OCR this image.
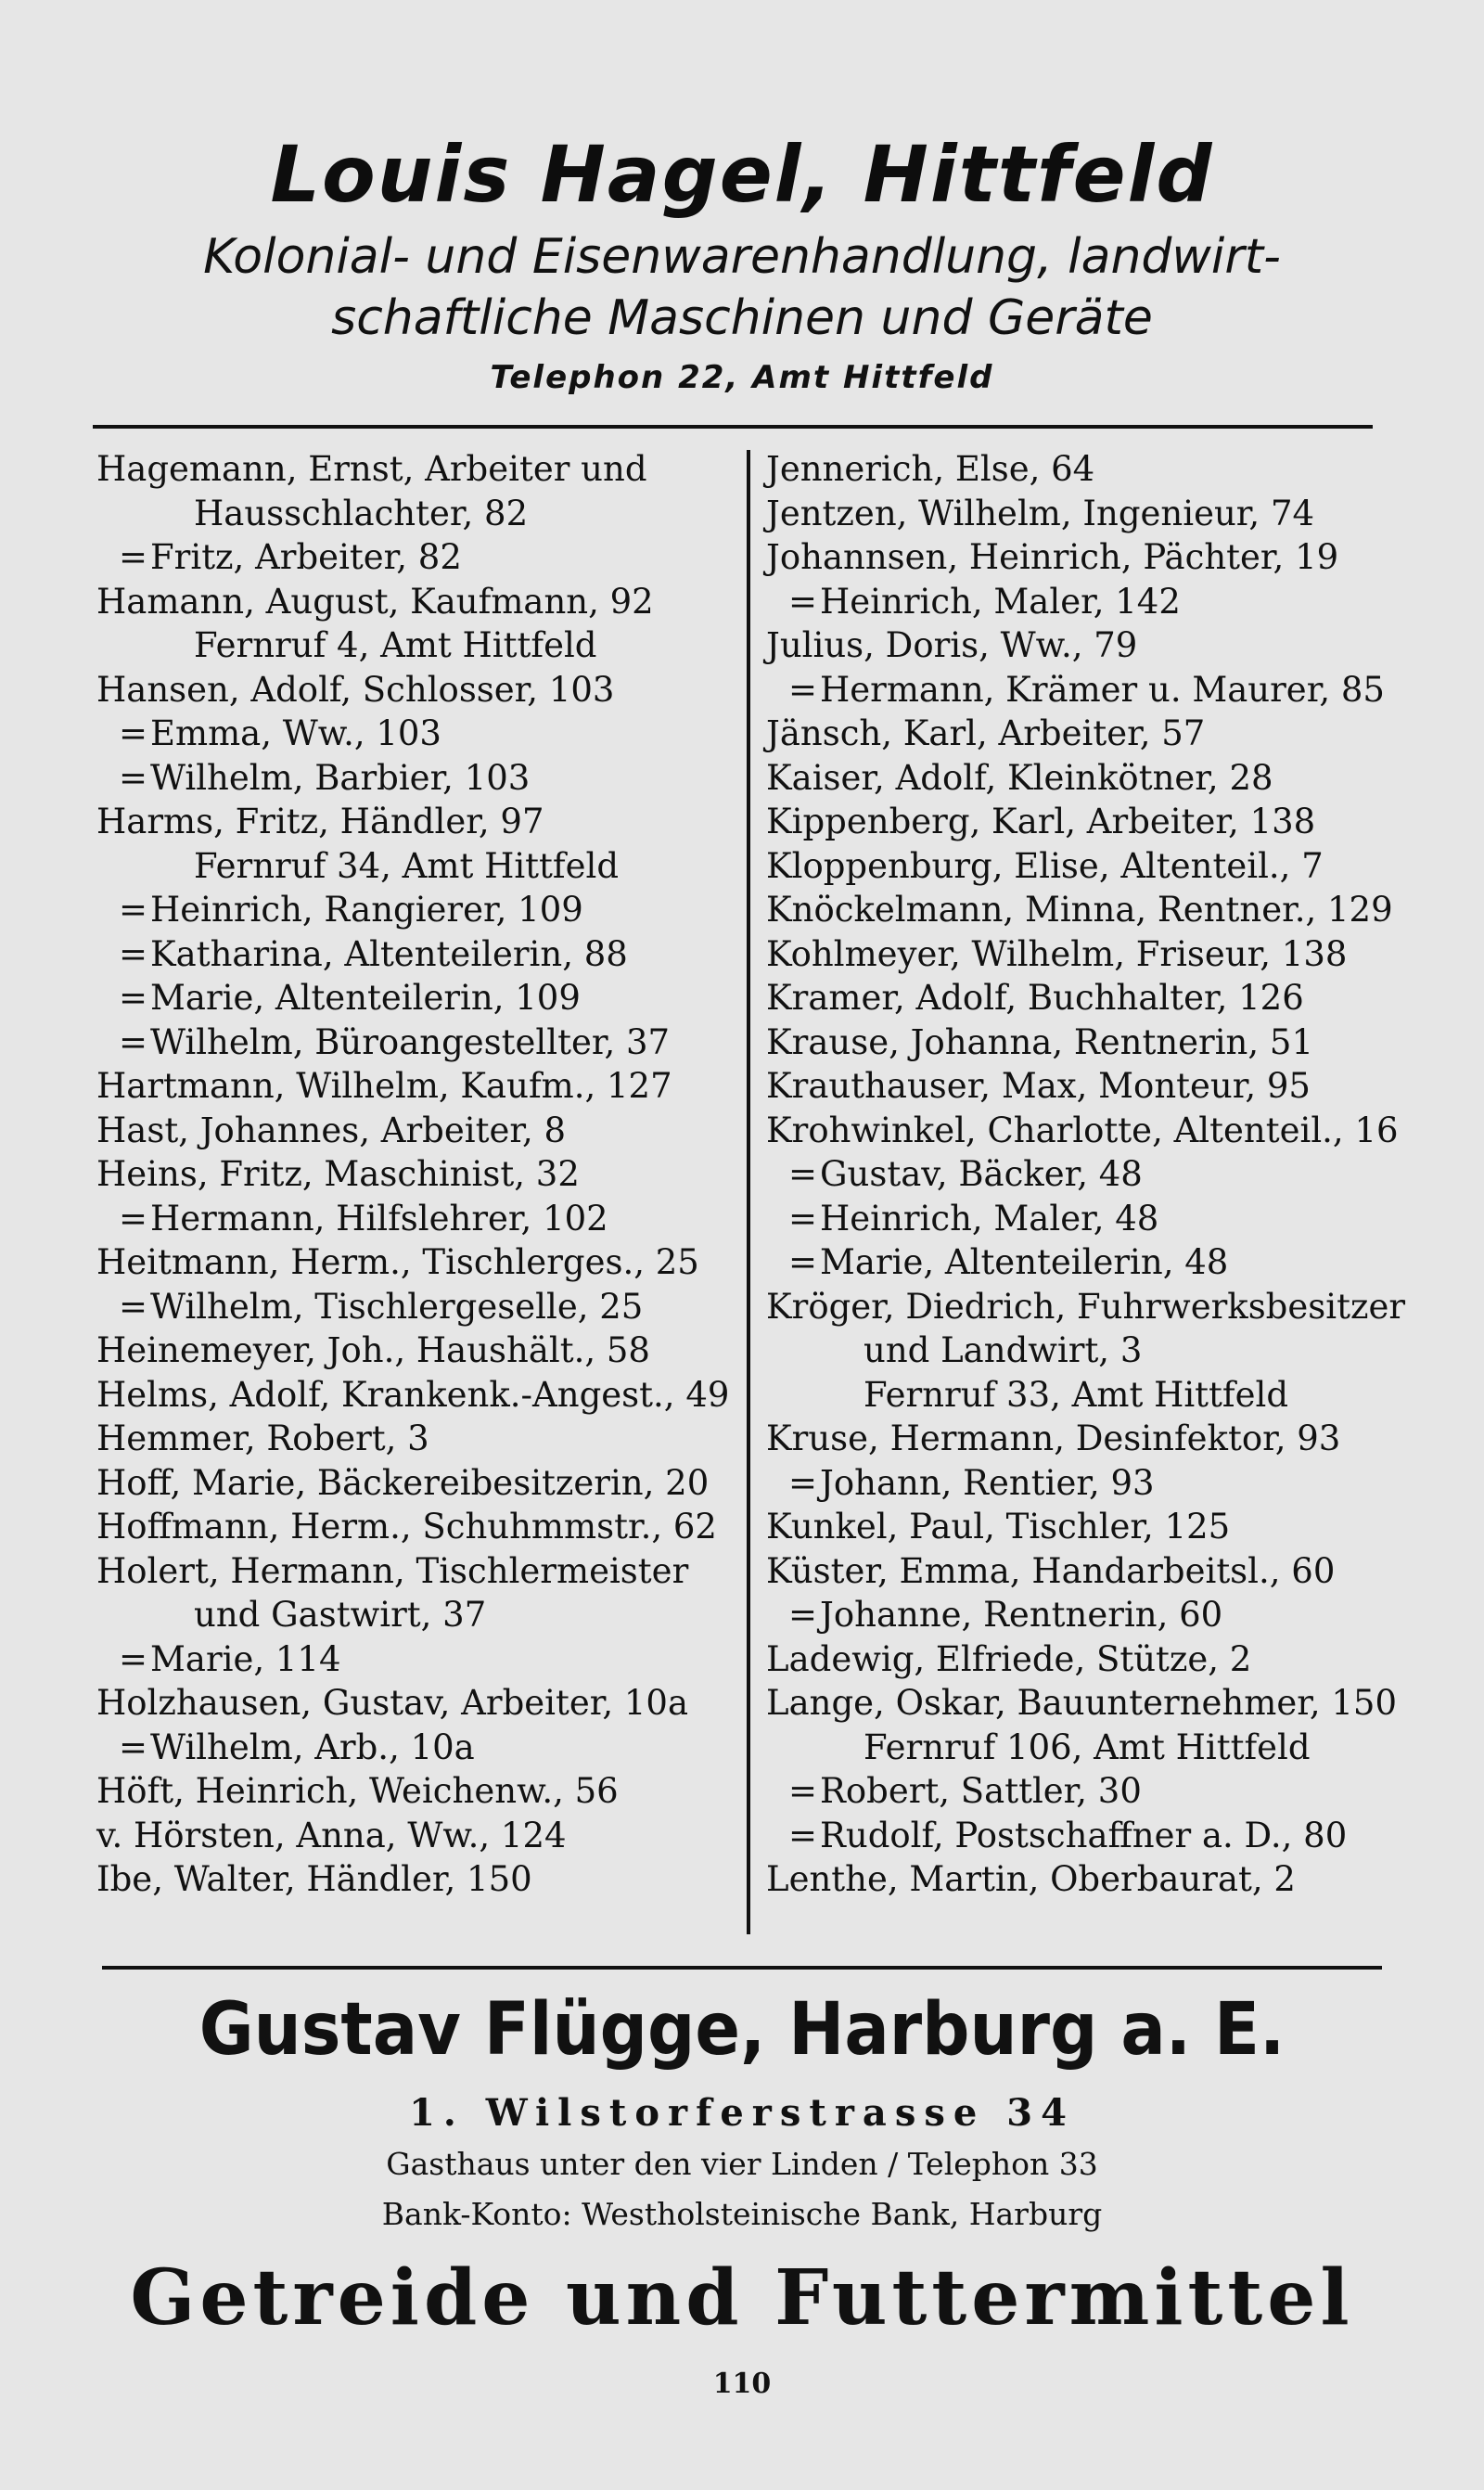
Louis Hagel, Hittfeld
Kolonial- und Eisenwarenhandlung, landwirt-
schaftliche Maschinen und Geräte
Telephon 22, Amt Hittfeld
Hagemann, Ernst, Arbeiter und
Hausschlachter, 82
=Fritz, Arbeiter, 82
Hamann, August, Kaufmann, 92
Fernruf 4, Amt Hittfeld
Hansen, Adolf, Schlosser, 103
=Emma, Ww., 103
=Wilhelm, Barbier, 103
Harms, Fritz, Händler, 97
Fernruf 34, Amt Hittfeld
=Heinrich, Rangierer, 109
=Katharina, Altenteilerin, 88
=Marie, Altenteilerin, 109
=Wilhelm, Büroangestellter, 37
Hartmann, Wilhelm, Kaufm., 127
Hast, Johannes, Arbeiter, 8
Heins, Fritz, Maschinist, 32
=Hermann, Hilfslehrer, 102
Heitmann, Herm., Tischlerges., 25
=Wilhelm, Tischlergeselle, 25
Heinemeyer, Joh., Haushält., 58
Helms, Adolf, Krankenk.-Angest., 49
Hemmer, Robert, 3
Hoff, Marie, Bäckereibesitzerin, 20
Hoffmann, Herm., Schuhmmstr., 62
Holert, Hermann, Tischlermeister
und Gastwirt, 37
=Marie, 114
Holzhausen, Gustav, Arbeiter, 10a
=Wilhelm, Arb., 10a
Höft, Heinrich, Weichenw., 56
v. Hörsten, Anna, Ww., 124
Ibe, Walter, Händler, 150
Jennerich, Else, 64
Jentzen, Wilhelm, Ingenieur, 74
Johannsen, Heinrich, Pächter, 19
=Heinrich, Maler, 142
Julius, Doris, Ww., 79
=Hermann, Krämer u. Maurer, 85
Jänsch, Karl, Arbeiter, 57
Kaiser, Adolf, Kleinkötner, 28
Kippenberg, Karl, Arbeiter, 138
Kloppenburg, Elise, Altenteil., 7
Knöckelmann, Minna, Rentner., 129
Kohlmeyer, Wilhelm, Friseur, 138
Kramer, Adolf, Buchhalter, 126
Krause, Johanna, Rentnerin, 51
Krauthauser, Max, Monteur, 95
Krohwinkel, Charlotte, Altenteil., 16
=Gustav, Bäcker, 48
=Heinrich, Maler, 48
=Marie, Altenteilerin, 48
Kröger, Diedrich, Fuhrwerksbesitzer
und Landwirt, 3
Fernruf 33, Amt Hittfeld
Kruse, Hermann, Desinfektor, 93
=Johann, Rentier, 93
Kunkel, Paul, Tischler, 125
Küster, Emma, Handarbeitsl., 60
=Johanne, Rentnerin, 60
Ladewig, Elfriede, Stütze, 2
Lange, Oskar, Bauunternehmer, 150
Fernruf 106, Amt Hittfeld
=Robert, Sattler, 30
=Rudolf, Postschaffner a. D., 80
Lenthe, Martin, Oberbaurat, 2
Gustav Flügge, Harburg a. E.
1. Wilstorferstrasse 34
Gasthaus unter den vier Linden / Telephon 33
Bank-Konto: Westholsteinische Bank, Harburg
Getreide und Futtermittel
110
